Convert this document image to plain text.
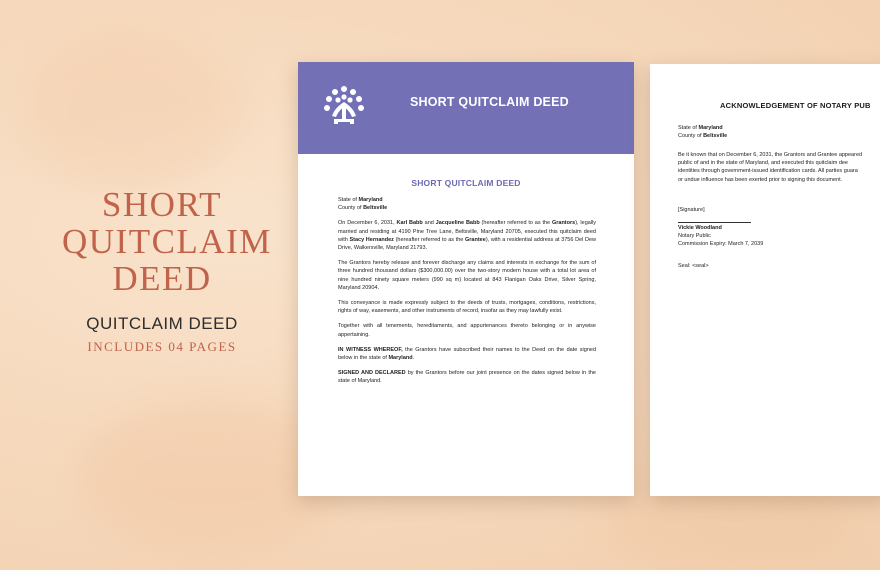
SHORT
QUITCLAIM
DEED
QUITCLAIM DEED
INCLUDES 04 PAGES
SHORT QUITCLAIM DEED
SHORT QUITCLAIM DEED
State of Maryland
County of Beltsville

On December 6, 2031, Karl Babb and Jacqueline Babb (hereafter referred to as the Grantors), legally married and residing at 4190 Pine Tree Lane, Beltsville, Maryland 20705, executed this quitclaim deed with Stacy Hernandez (hereafter referred to as the Grantee), with a residential address at 3756 Del Dew Drive, Walkersville, Maryland 21793.

The Grantors hereby release and forever discharge any claims and interests in exchange for the sum of three hundred thousand dollars ($300,000.00) over the two-story modern house with a total lot area of nine hundred ninety square meters (990 sq m) located at 843 Flanigan Oaks Drive, Silver Spring, Maryland 20904.

This conveyance is made expressly subject to the deeds of trusts, mortgages, conditions, restrictions, rights of way, easements, and other instruments of record, insofar as they may lawfully exist.

Together with all tenements, hereditaments, and appurtenances thereto belonging or in anywise appertaining.

IN WITNESS WHEREOF, the Grantors have subscribed their names to the Deed on the date signed below in the state of Maryland.

SIGNED AND DECLARED by the Grantors before our joint presence on the dates signed below in the state of Maryland.

ACKNOWLEDGEMENT OF NOTARY PUB
State of Maryland
County of Beltsville
Be it known that on December 6, 2031, the Grantors and Grantee appeared
public of and in the state of Maryland, and executed this quitclaim dee
identities through government-issued identification cards. All parties guara
or undue influence has been exerted prior to signing this document.
[Signature]
Vickie Woodland
Notary Public
Commission Expiry: March 7, 2039
Seal: <seal>
